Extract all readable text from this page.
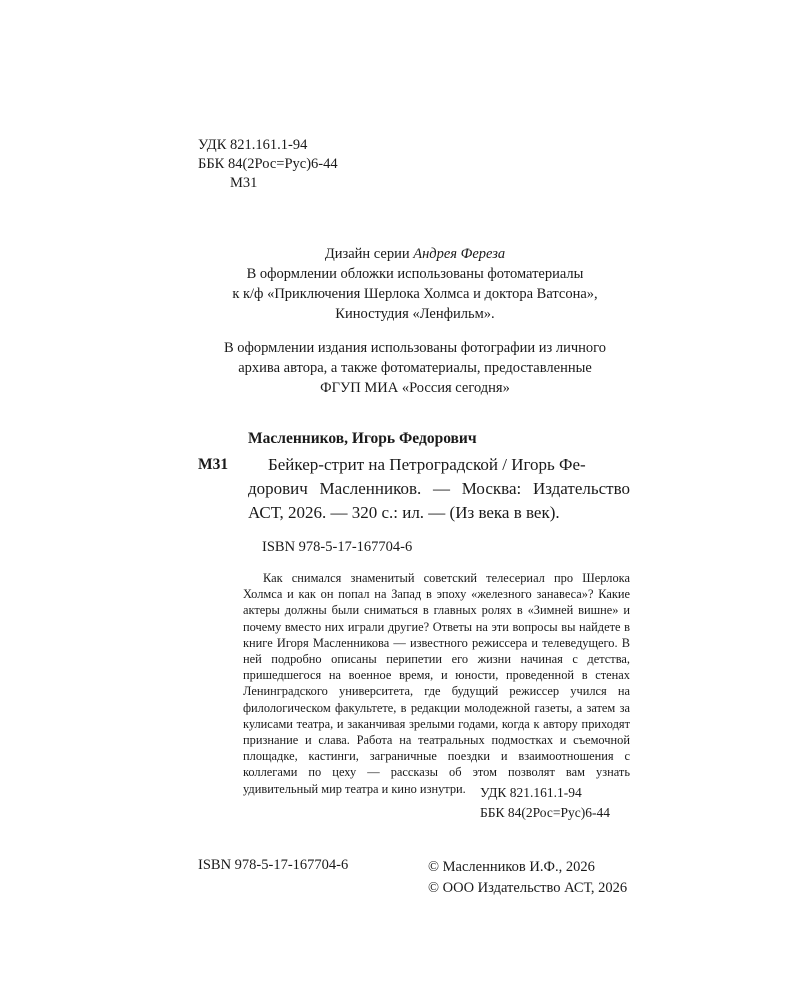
УДК 821.161.1-94
ББК 84(2Рос=Рус)6-44
М31
Дизайн серии Андрея Фереза
В оформлении обложки использованы фотоматериалы
к к/ф «Приключения Шерлока Холмса и доктора Ватсона»,
Киностудия «Ленфильм».
В оформлении издания использованы фотографии из личного
архива автора, а также фотоматериалы, предоставленные
ФГУП МИА «Россия сегодня»
Масленников, Игорь Федорович
М31	Бейкер-стрит на Петроградской / Игорь Фе-

дорович Масленников. — Москва: Издательство АСТ, 2026. — 320 с.: ил. — (Из века в век).

ISBN 978-5-17-167704-6

Как снимался знаменитый советский телесериал про Шерлока Холмса и как он попал на Запад в эпоху «железного занавеса»? Какие актеры должны были сниматься в главных ролях в «Зимней вишне» и почему вместо них играли другие? Ответы на эти вопросы вы найдете в книге Игоря Масленникова — известного режиссера и телеведущего. В ней подробно описаны перипетии его жизни начиная с детства, пришедшегося на военное время, и юности, проведенной в стенах Ленинградского университета, где будущий режиссер учился на филологическом факультете, в редакции молодежной газеты, а затем за кулисами театра, и заканчивая зрелыми годами, когда к автору приходят признание и слава. Работа на театральных подмостках и съемочной площадке, кастинги, заграничные поездки и взаимоотношения с коллегами по цеху — рассказы об этом позволят вам узнать удивительный мир театра и кино изнутри.	УДК 821.161.1-94
ББК 84(2Рос=Рус)6-44
ISBN 978-5-17-167704-6	© Масленников И.Ф., 2026
© ООО Издательство АСТ, 2026
